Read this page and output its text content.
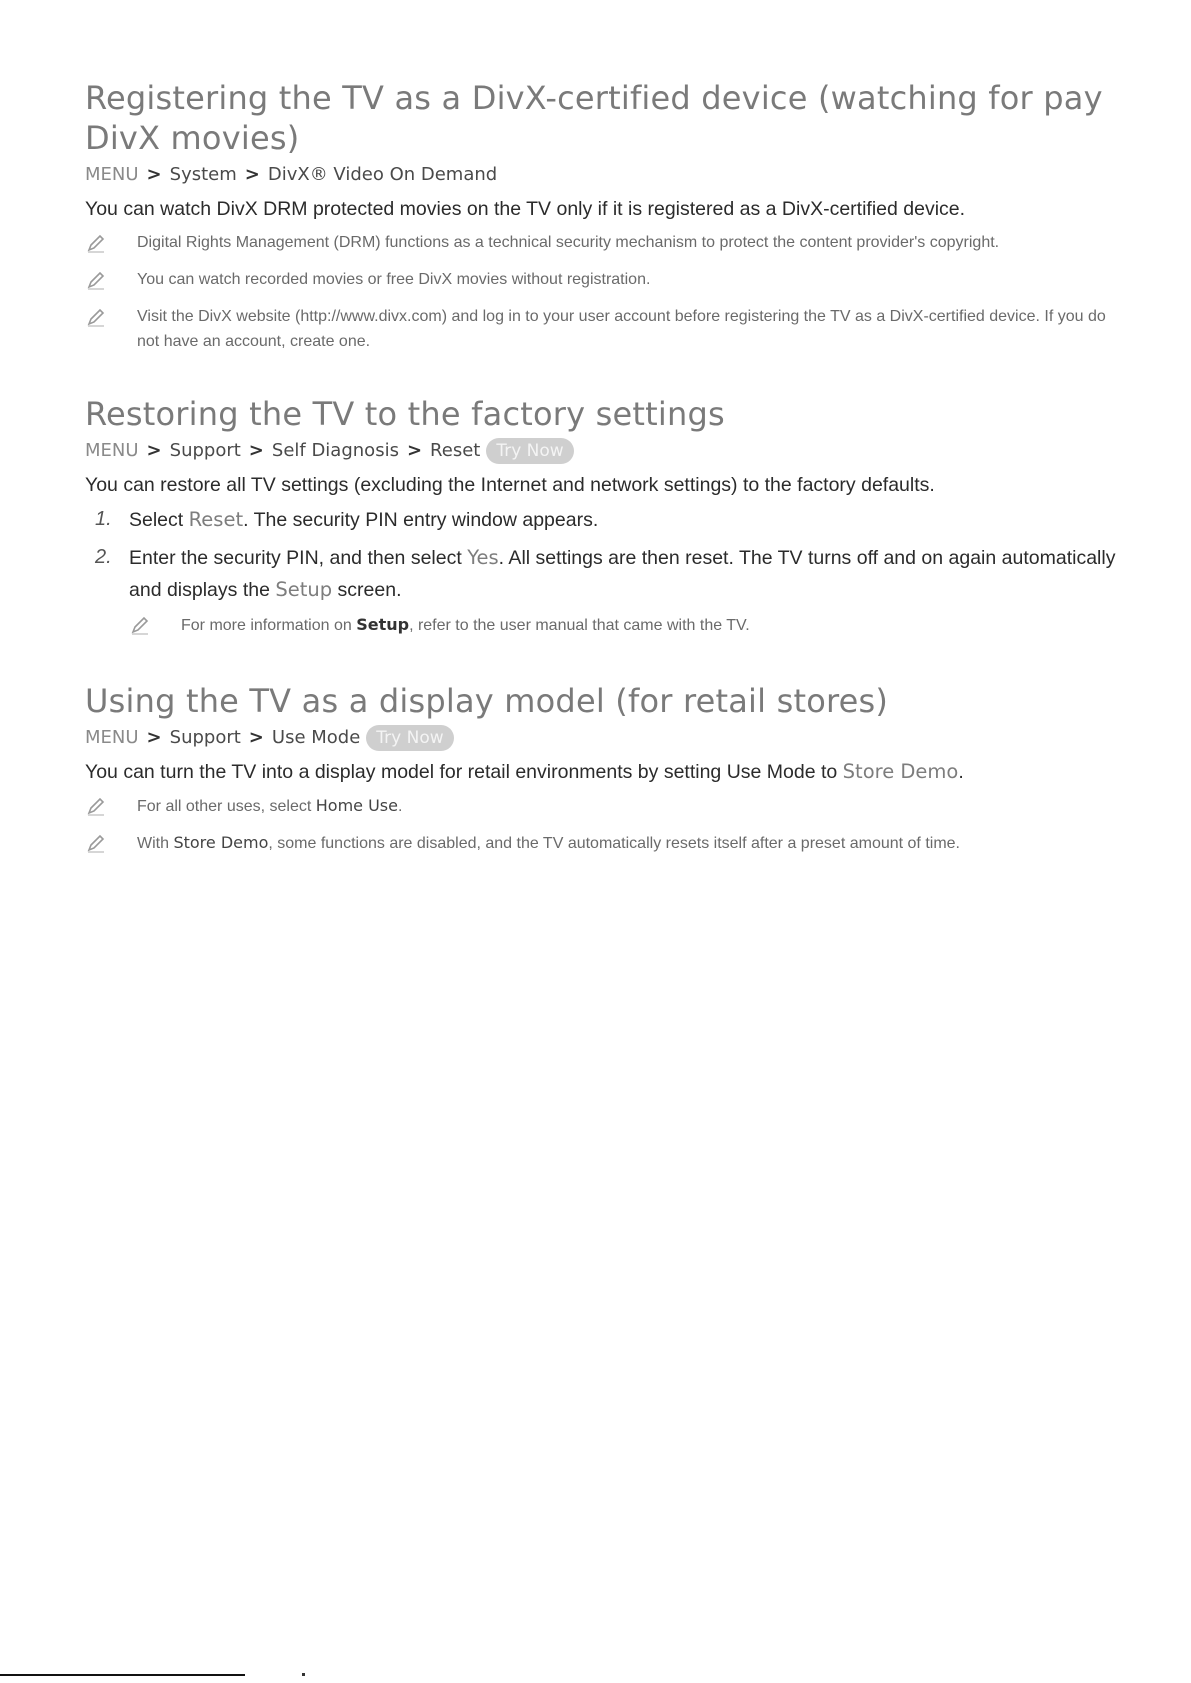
Registering the TV as a DivX-certified device (watching for pay DivX movies)
MENU > System > DivX® Video On Demand

You can watch DivX DRM protected movies on the TV only if it is registered as a DivX-certified device.

Digital Rights Management (DRM) functions as a technical security mechanism to protect the content provider's copyright.
You can watch recorded movies or free DivX movies without registration.
Visit the DivX website (http://www.divx.com) and log in to your user account before registering the TV as a DivX-certified device. If you do not have an account, create one.
Restoring the TV to the factory settings
MENU > Support > Self Diagnosis > Reset Try Now

You can restore all TV settings (excluding the Internet and network settings) to the factory defaults.

1. Select Reset. The security PIN entry window appears.
2. Enter the security PIN, and then select Yes. All settings are then reset. The TV turns off and on again automatically and displays the Setup screen.
For more information on Setup, refer to the user manual that came with the TV.
Using the TV as a display model (for retail stores)
MENU > Support > Use Mode Try Now

You can turn the TV into a display model for retail environments by setting Use Mode to Store Demo.

For all other uses, select Home Use.
With Store Demo, some functions are disabled, and the TV automatically resets itself after a preset amount of time.
